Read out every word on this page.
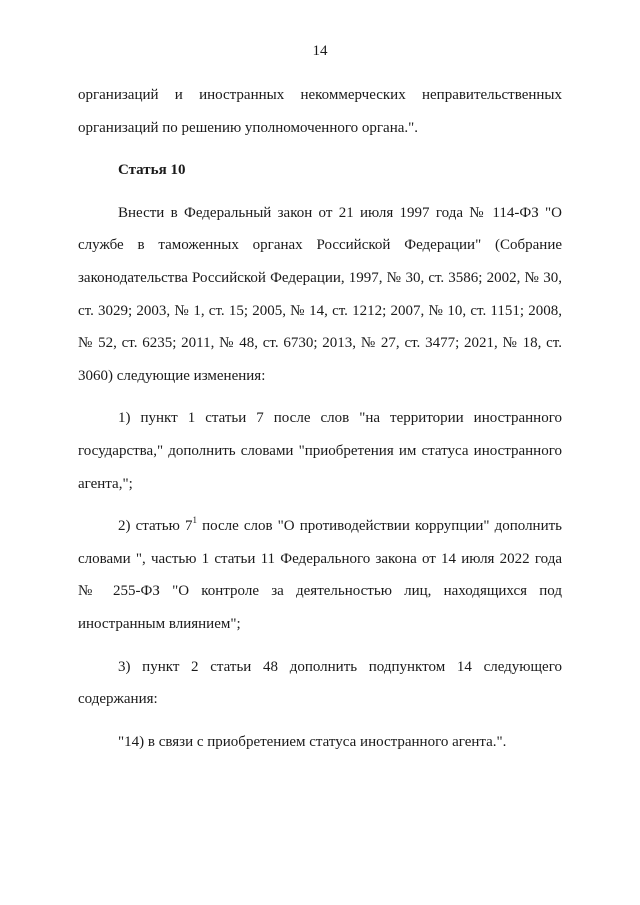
14

организаций и иностранных некоммерческих неправительственных организаций по решению уполномоченного органа.".

Статья 10

Внести в Федеральный закон от 21 июля 1997 года № 114-ФЗ "О службе в таможенных органах Российской Федерации" (Собрание законодательства Российской Федерации, 1997, № 30, ст. 3586; 2002, № 30, ст. 3029; 2003, № 1, ст. 15; 2005, № 14, ст. 1212; 2007, № 10, ст. 1151; 2008, № 52, ст. 6235; 2011, № 48, ст. 6730; 2013, № 27, ст. 3477; 2021, № 18, ст. 3060) следующие изменения:

1) пункт 1 статьи 7 после слов "на территории иностранного государства," дополнить словами "приобретения им статуса иностранного агента,";

2) статью $7^1$ после слов "О противодействии коррупции" дополнить словами ", частью 1 статьи 11 Федерального закона от 14 июля 2022 года № 255-ФЗ "О контроле за деятельностью лиц, находящихся под иностранным влиянием";

3) пункт 2 статьи 48 дополнить подпунктом 14 следующего содержания:

"14) в связи с приобретением статуса иностранного агента.".
